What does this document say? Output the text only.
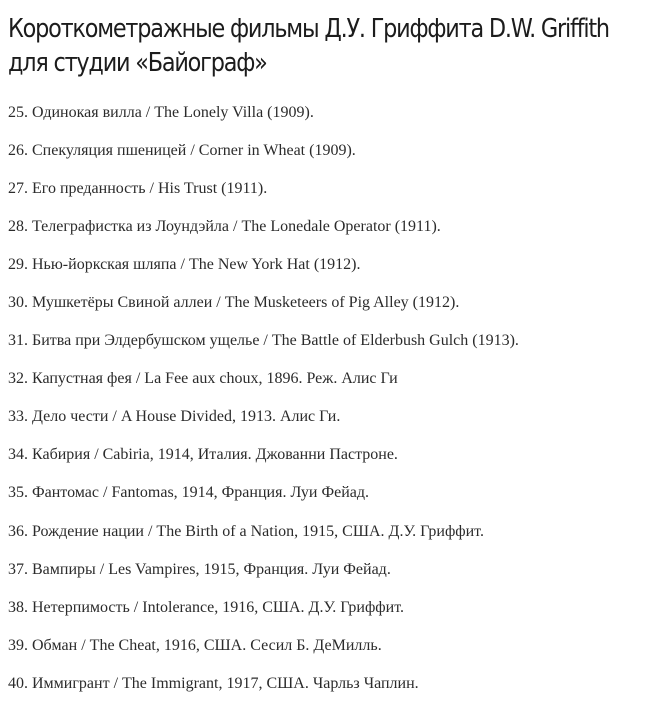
Короткометражные фильмы Д.У. Гриффита D.W. Griffith
для студии «Байограф»
25. Одинокая вилла / The Lonely Villa (1909).
26. Спекуляция пшеницей / Corner in Wheat (1909).
27. Его преданность / His Trust (1911).
28. Телеграфистка из Лоундэйла / The Lonedale Operator (1911).
29. Нью-йоркская шляпа / The New York Hat (1912).
30. Мушкетёры Свиной аллеи / The Musketeers of Pig Alley (1912).
31. Битва при Элдербушском ущелье / The Battle of Elderbush Gulch (1913).
32. Капустная фея / La Fee aux choux, 1896. Реж. Алис Ги
33. Дело чести / A House Divided, 1913. Алис Ги.
34. Кабирия / Cabiria, 1914, Италия. Джованни Пастроне.
35. Фантомас / Fantomas, 1914, Франция. Луи Фейад.
36. Рождение нации / The Birth of a Nation, 1915, США. Д.У. Гриффит.
37. Вампиры / Les Vampires, 1915, Франция. Луи Фейад.
38. Нетерпимость / Intolerance, 1916, США. Д.У. Гриффит.
39. Обман / The Cheat, 1916, США. Сесил Б. ДеМилль.
40. Иммигрант / The Immigrant, 1917, США. Чарльз Чаплин.
